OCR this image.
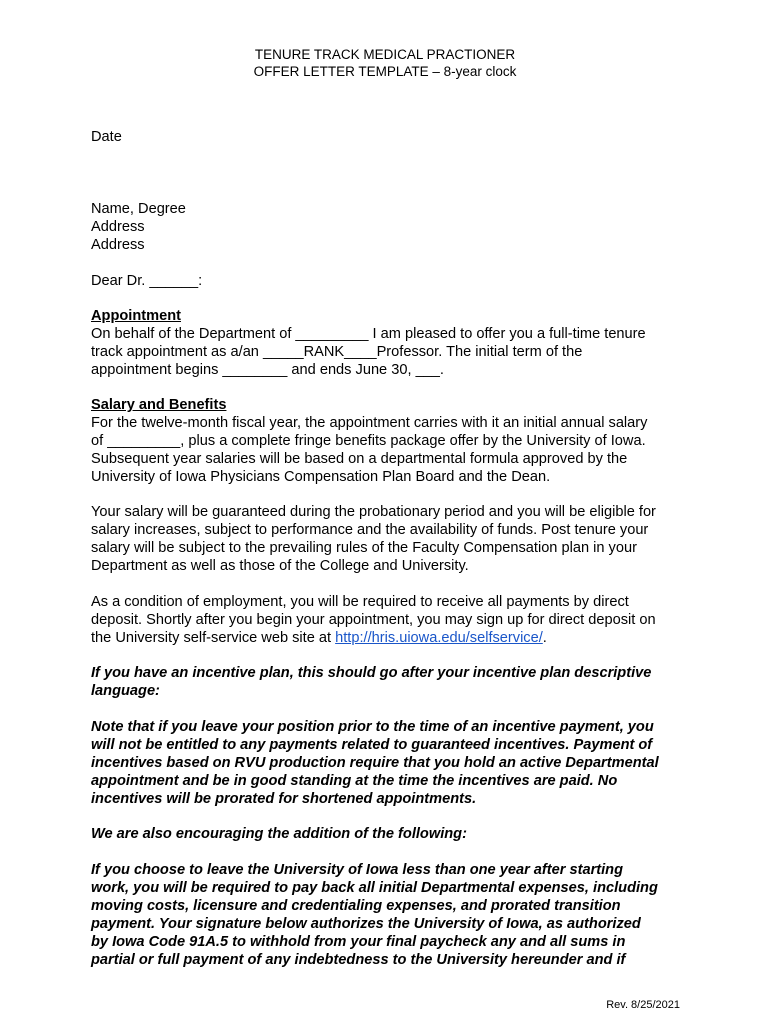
TENURE TRACK MEDICAL PRACTIONER
OFFER LETTER TEMPLATE – 8-year clock
Date
Name, Degree
Address
Address
Dear Dr. ______:
Appointment
On behalf of the Department of _________ I am pleased to offer you a full-time tenure
track appointment as a/an _____RANK____Professor. The initial term of the
appointment begins ________ and ends June 30, ___.
Salary and Benefits
For the twelve-month fiscal year, the appointment carries with it an initial annual salary
of _________, plus a complete fringe benefits package offer by the University of Iowa.
Subsequent year salaries will be based on a departmental formula approved by the
University of Iowa Physicians Compensation Plan Board and the Dean.
Your salary will be guaranteed during the probationary period and you will be eligible for
salary increases, subject to performance and the availability of funds. Post tenure your
salary will be subject to the prevailing rules of the Faculty Compensation plan in your
Department as well as those of the College and University.
As a condition of employment, you will be required to receive all payments by direct
deposit. Shortly after you begin your appointment, you may sign up for direct deposit on
the University self-service web site at http://hris.uiowa.edu/selfservice/.
If you have an incentive plan, this should go after your incentive plan descriptive
language:
Note that if you leave your position prior to the time of an incentive payment, you
will not be entitled to any payments related to guaranteed incentives. Payment of
incentives based on RVU production require that you hold an active Departmental
appointment and be in good standing at the time the incentives are paid. No
incentives will be prorated for shortened appointments.
We are also encouraging the addition of the following:
If you choose to leave the University of Iowa less than one year after starting
work, you will be required to pay back all initial Departmental expenses, including
moving costs, licensure and credentialing expenses, and prorated transition
payment. Your signature below authorizes the University of Iowa, as authorized
by Iowa Code 91A.5 to withhold from your final paycheck any and all sums in
partial or full payment of any indebtedness to the University hereunder and if
Rev. 8/25/2021
